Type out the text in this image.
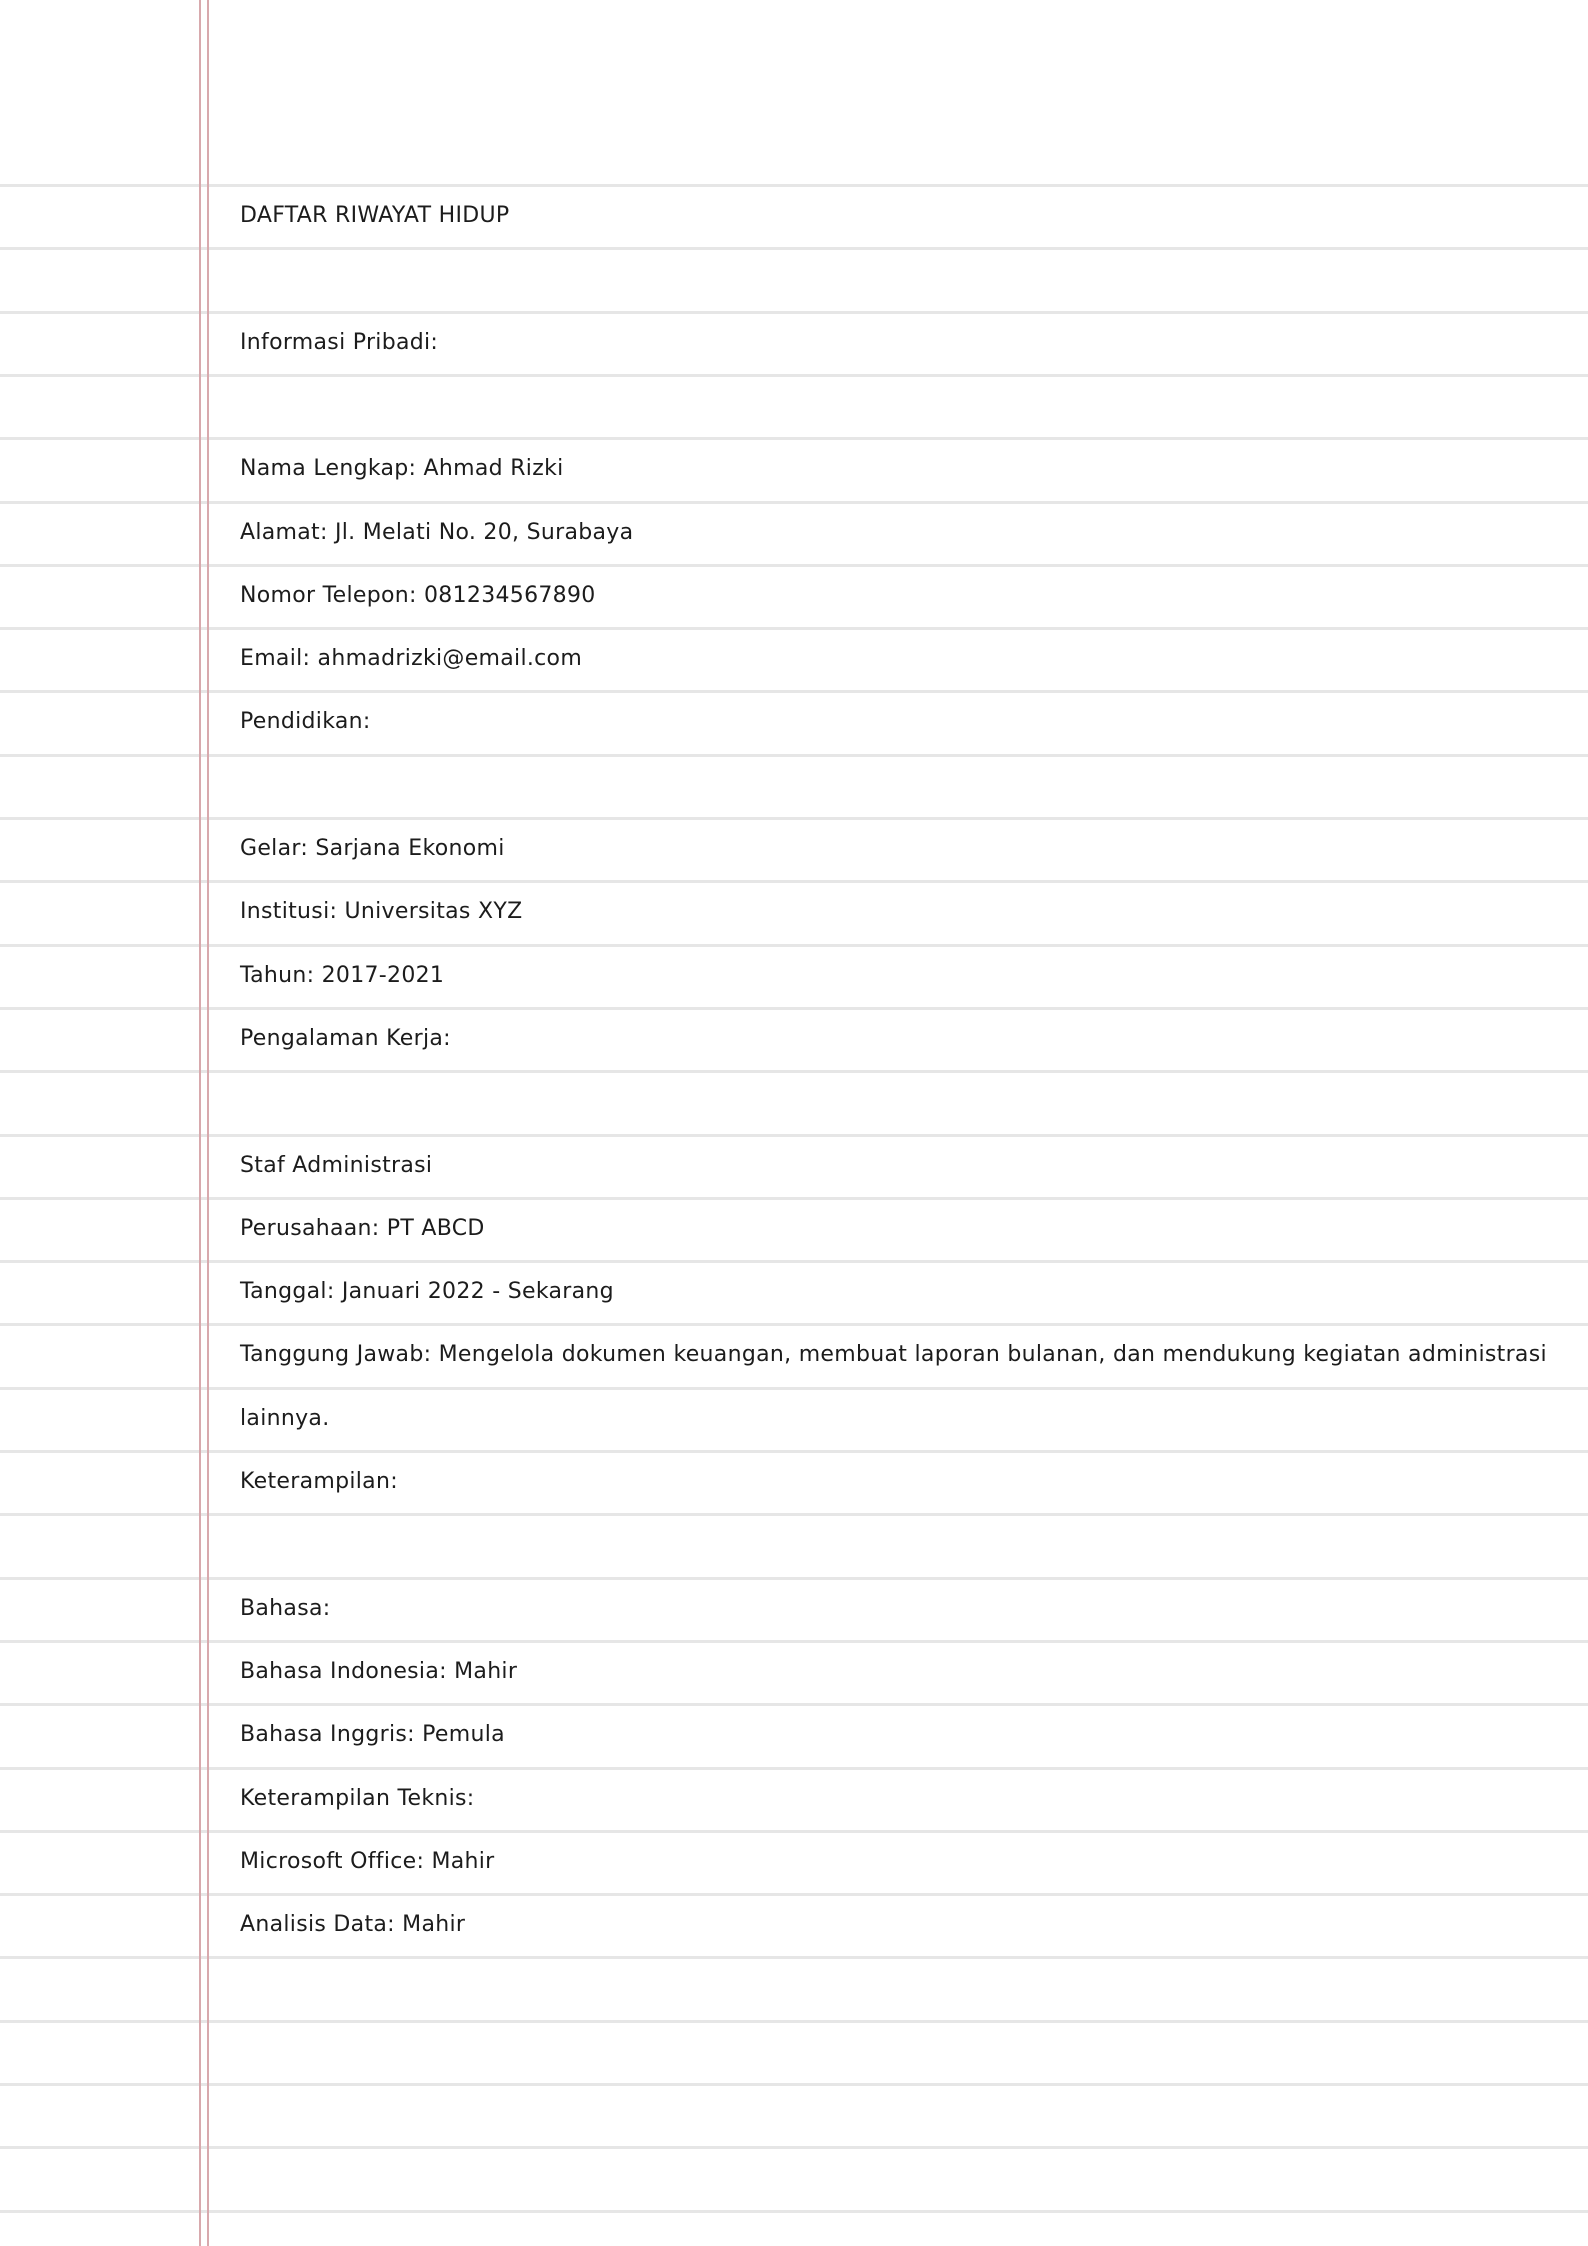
DAFTAR RIWAYAT HIDUP
Informasi Pribadi:
Nama Lengkap: Ahmad Rizki
Alamat: Jl. Melati No. 20, Surabaya
Nomor Telepon: 081234567890
Email: ahmadrizki@email.com
Pendidikan:
Gelar: Sarjana Ekonomi
Institusi: Universitas XYZ
Tahun: 2017-2021
Pengalaman Kerja:
Staf Administrasi
Perusahaan: PT ABCD
Tanggal: Januari 2022 - Sekarang
Tanggung Jawab: Mengelola dokumen keuangan, membuat laporan bulanan, dan mendukung kegiatan administrasi
lainnya.
Keterampilan:
Bahasa:
Bahasa Indonesia: Mahir
Bahasa Inggris: Pemula
Keterampilan Teknis:
Microsoft Office: Mahir
Analisis Data: Mahir
